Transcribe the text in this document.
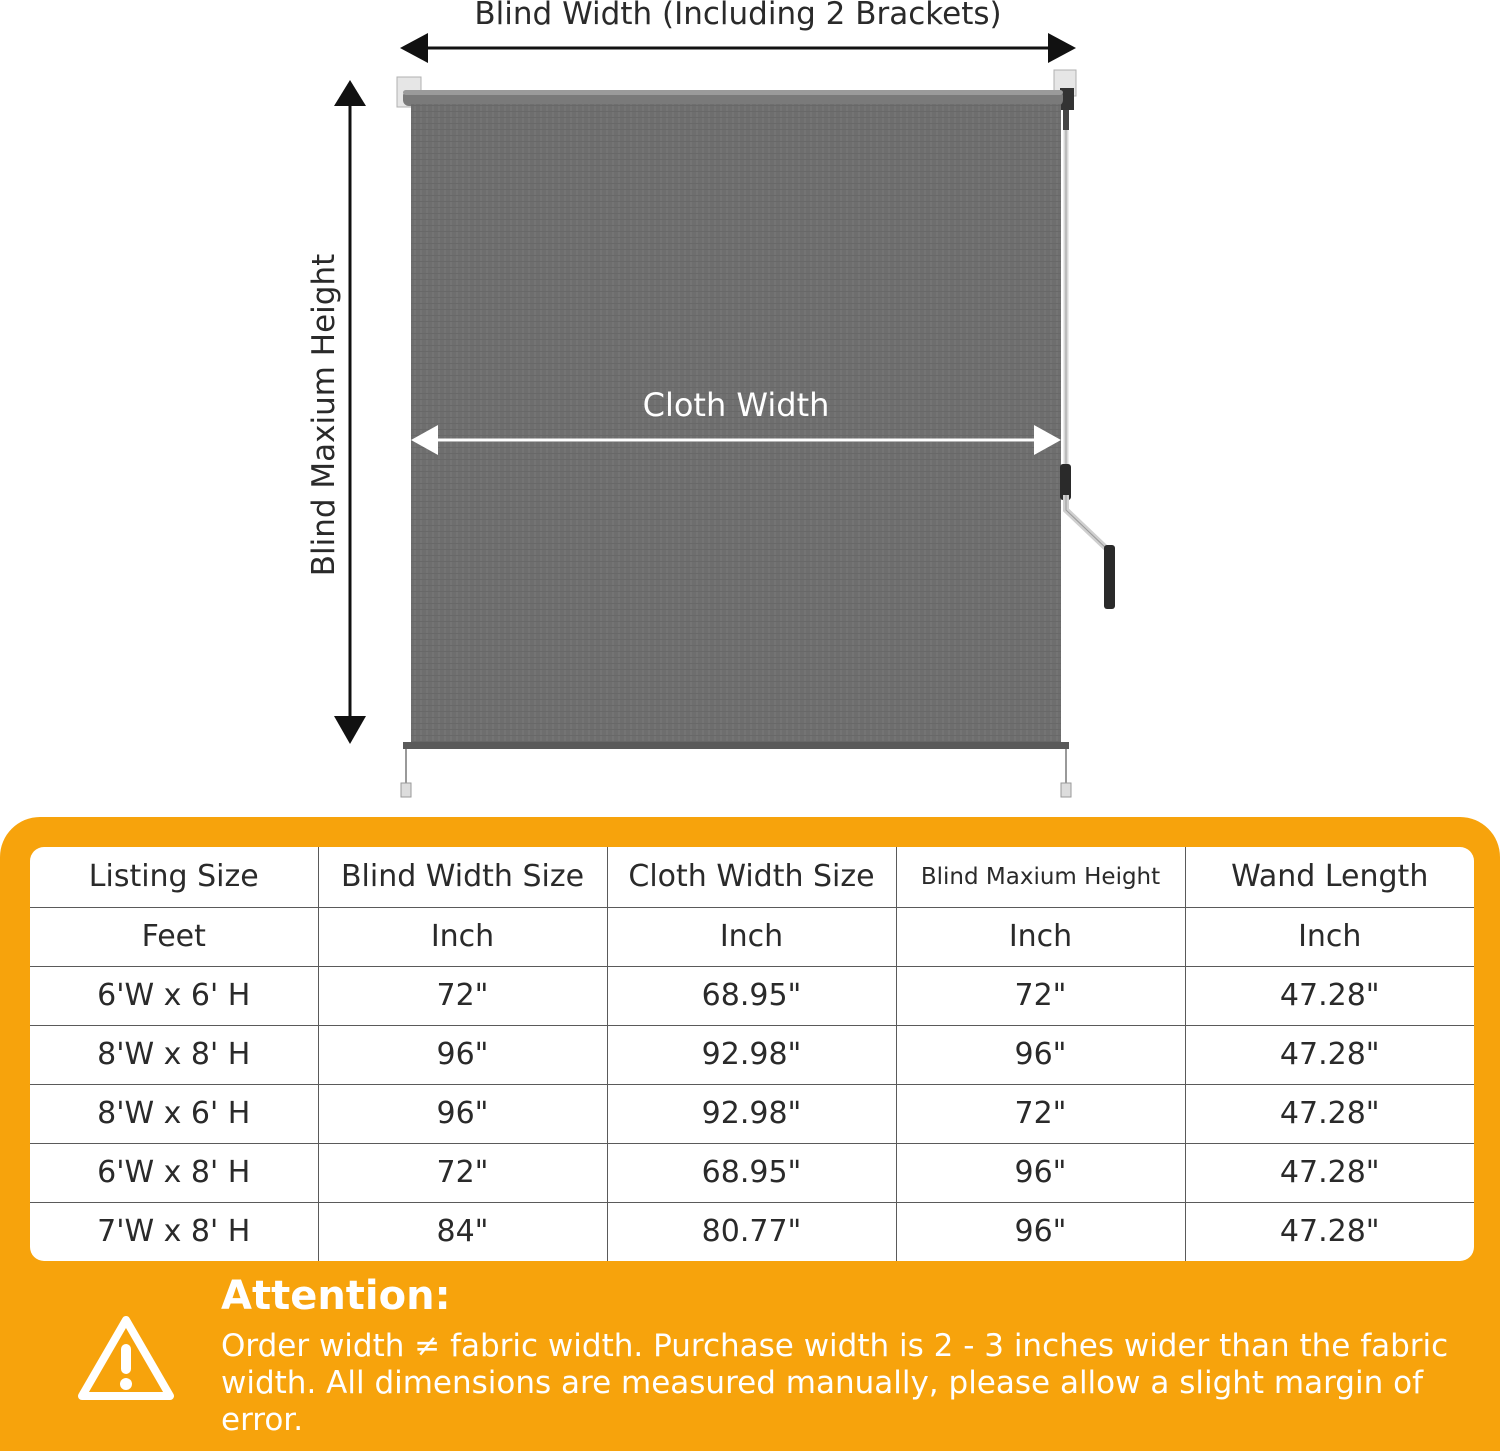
Blind Width (Including 2 Brackets)
Blind Maxium Height	Cloth Width
Listing Size	Blind Width Size	Cloth Width Size	Blind Maxium Height	Wand Length
Feet	Inch	Inch	Inch	Inch
6'W x 6' H	72"	68.95"	72"	47.28"
8'W x 8' H	96"	92.98"	96"	47.28"
8'W x 6' H	96"	92.98"	72"	47.28"
6'W x 8' H	72"	68.95"	96"	47.28"
7'W x 8' H	84"	80.77"	96"	47.28"
Attention:
Order width ≠ fabric width. Purchase width is 2 - 3 inches wider than the fabric width. All dimensions are measured manually, please allow a slight margin of error.
